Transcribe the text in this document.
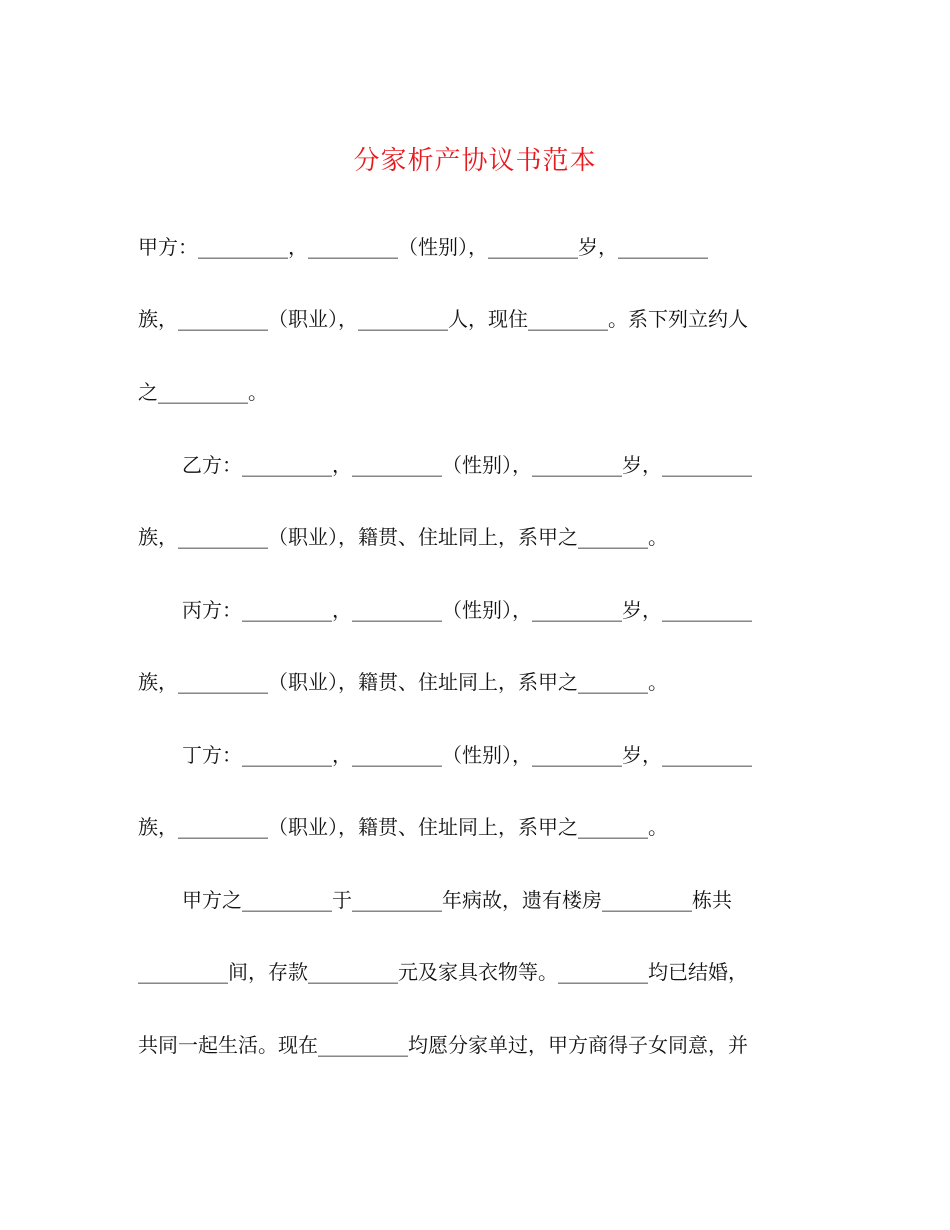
分家析产协议书范本
甲方：_________，_________（性别），_________岁，_________
族，_________（职业），_________人，现住________。系下列立约人
之_________。
乙方：_________，_________（性别），_________岁，_________
族，_________（职业），籍贯、住址同上，系甲之_______。
丙方：_________，_________（性别），_________岁，_________
族，_________（职业），籍贯、住址同上，系甲之_______。
丁方：_________，_________（性别），_________岁，_________
族，_________（职业），籍贯、住址同上，系甲之_______。
甲方之_________于_________年病故，遗有楼房_________栋共
_________间，存款_________元及家具衣物等。_________均已结婚，
共同一起生活。现在_________均愿分家单过，甲方商得子女同意，并
